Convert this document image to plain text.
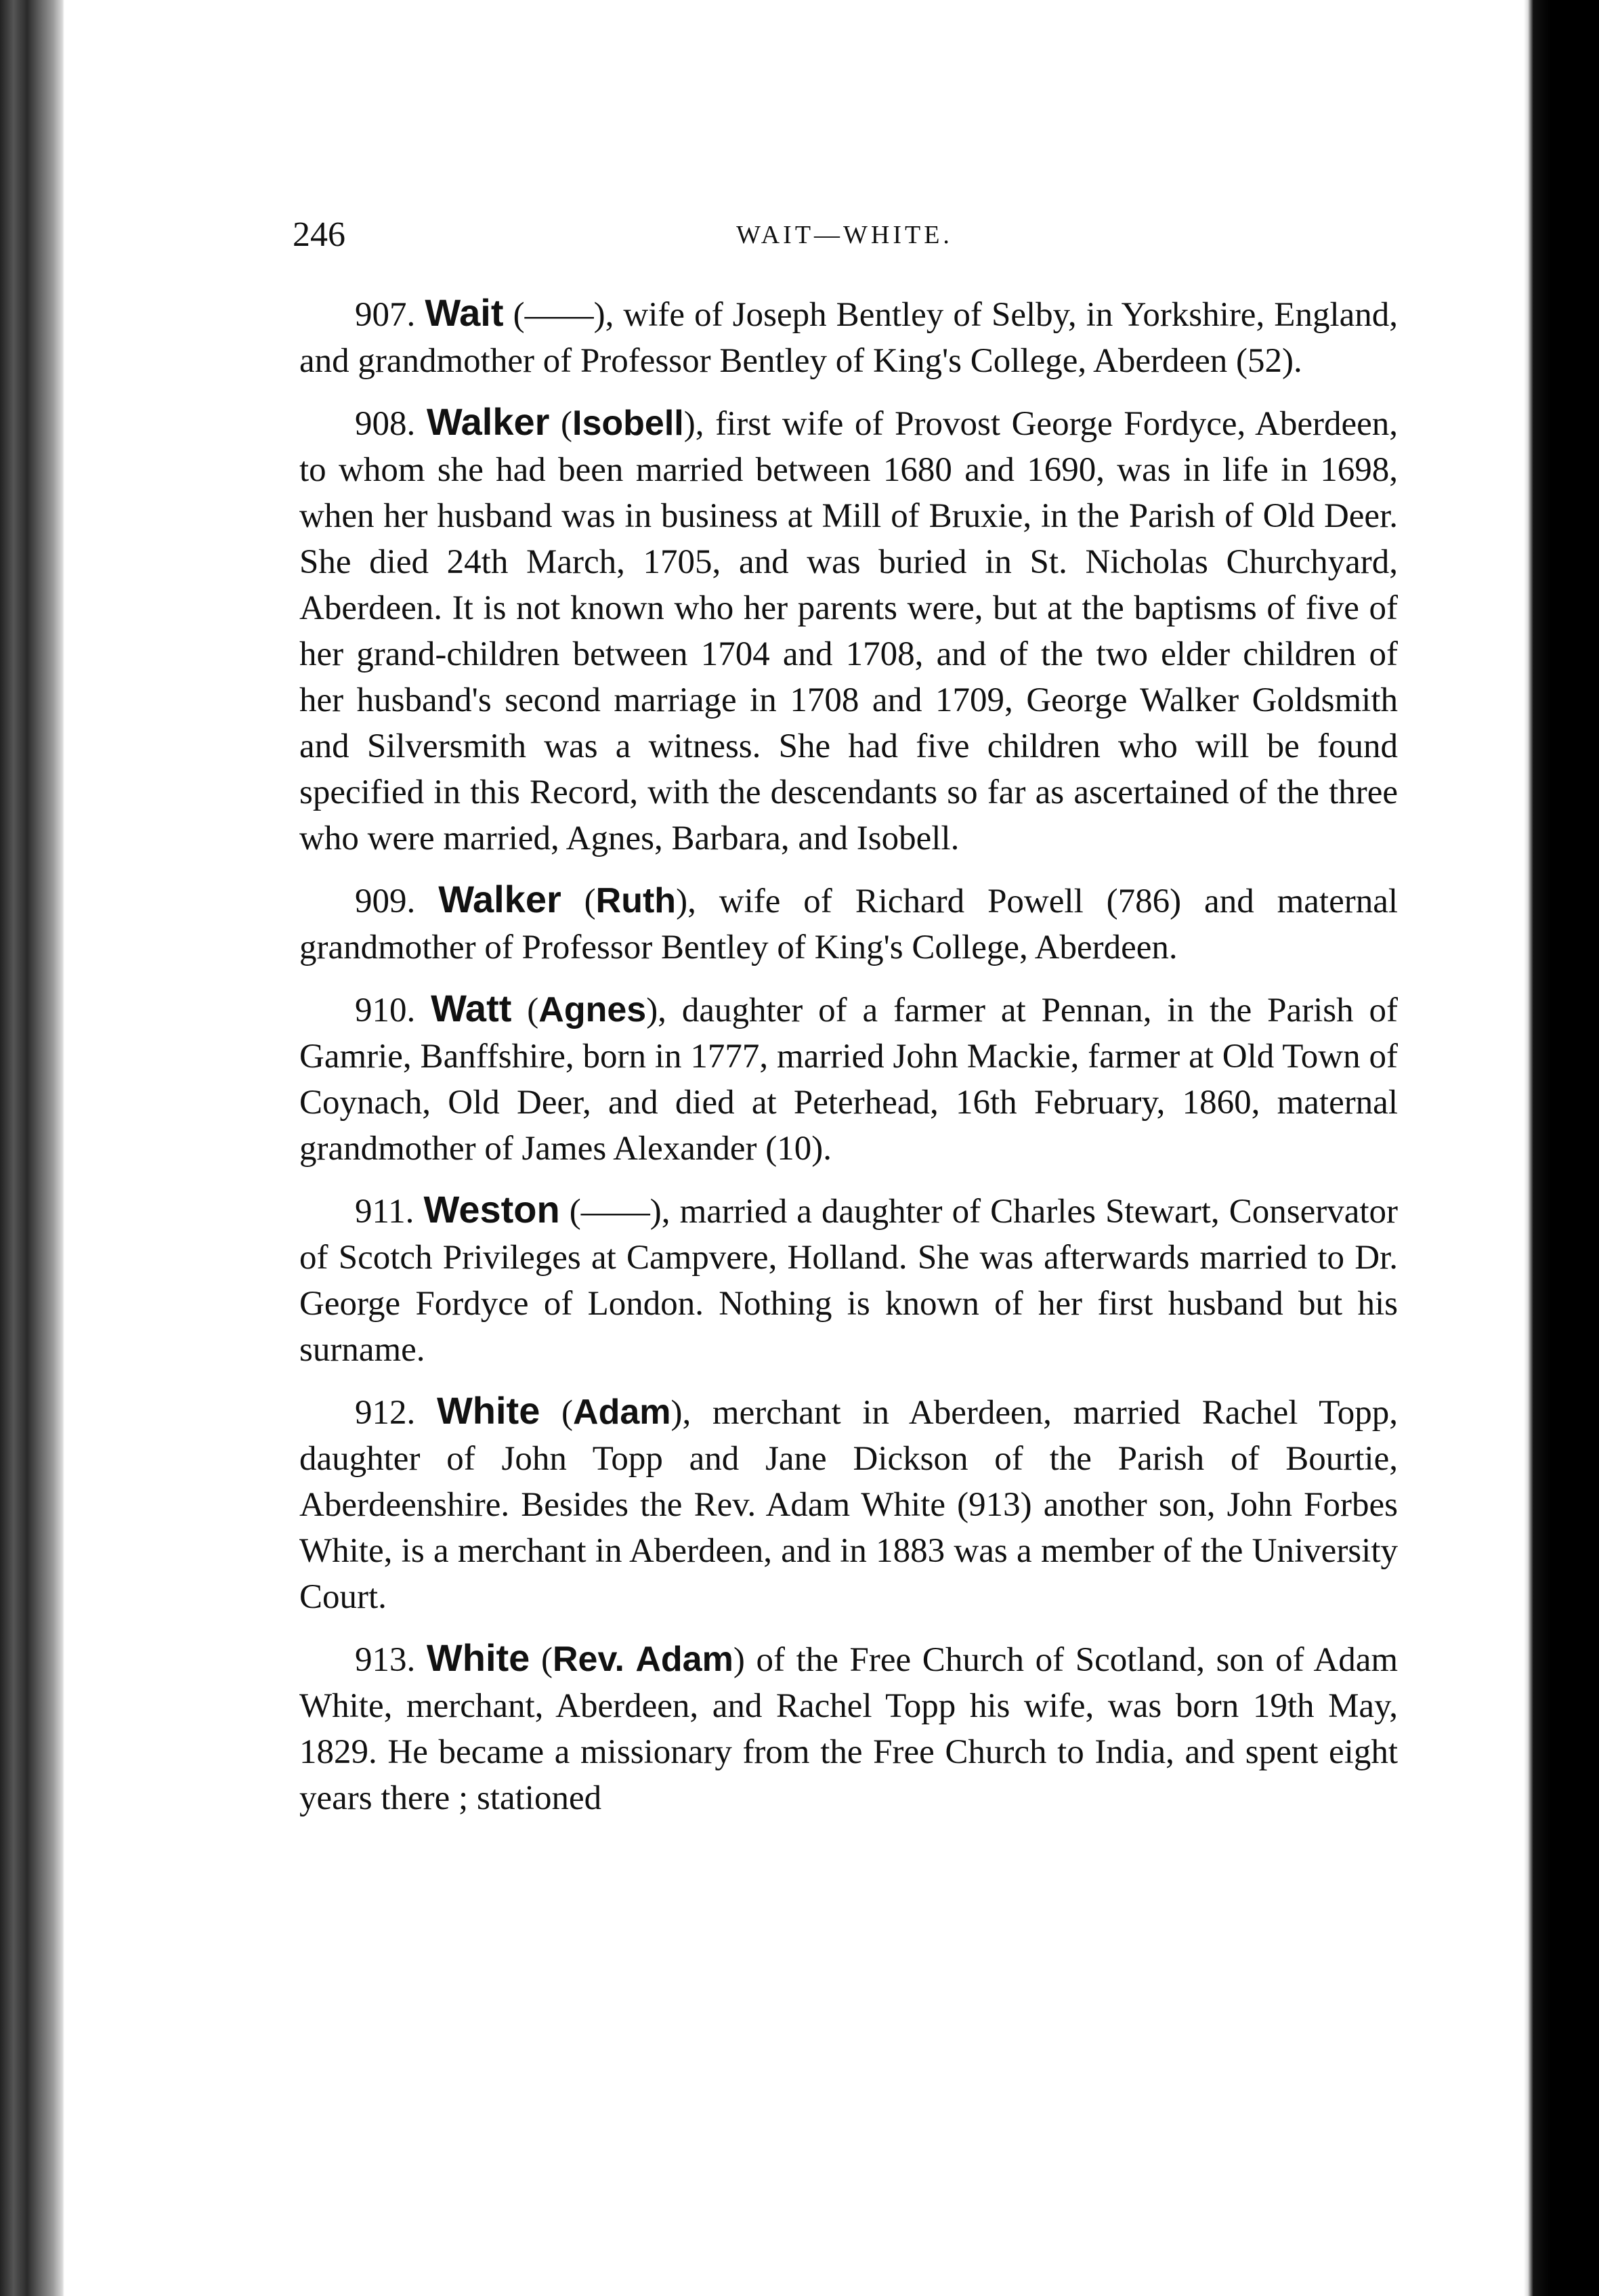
246	WAIT—WHITE.

907. Wait (——), wife of Joseph Bentley of Selby, in Yorkshire, England, and grandmother of Professor Bentley of King's College, Aberdeen (52).

908. Walker (Isobell), first wife of Provost George Fordyce, Aberdeen, to whom she had been married between 1680 and 1690, was in life in 1698, when her husband was in business at Mill of Bruxie, in the Parish of Old Deer. She died 24th March, 1705, and was buried in St. Nicholas Churchyard, Aberdeen. It is not known who her parents were, but at the baptisms of five of her grand-children between 1704 and 1708, and of the two elder children of her husband's second marriage in 1708 and 1709, George Walker Goldsmith and Silversmith was a witness. She had five children who will be found specified in this Record, with the descendants so far as ascertained of the three who were married, Agnes, Barbara, and Isobell.

909. Walker (Ruth), wife of Richard Powell (786) and maternal grandmother of Professor Bentley of King's College, Aberdeen.

910. Watt (Agnes), daughter of a farmer at Pennan, in the Parish of Gamrie, Banffshire, born in 1777, married John Mackie, farmer at Old Town of Coynach, Old Deer, and died at Peterhead, 16th February, 1860, maternal grandmother of James Alexander (10).

911. Weston (——), married a daughter of Charles Stewart, Conservator of Scotch Privileges at Campvere, Holland. She was afterwards married to Dr. George Fordyce of London. Nothing is known of her first husband but his surname.

912. White (Adam), merchant in Aberdeen, married Rachel Topp, daughter of John Topp and Jane Dickson of the Parish of Bourtie, Aberdeenshire. Besides the Rev. Adam White (913) another son, John Forbes White, is a merchant in Aberdeen, and in 1883 was a member of the University Court.

913. White (Rev. Adam) of the Free Church of Scotland, son of Adam White, merchant, Aberdeen, and Rachel Topp his wife, was born 19th May, 1829. He became a missionary from the Free Church to India, and spent eight years there ; stationed
